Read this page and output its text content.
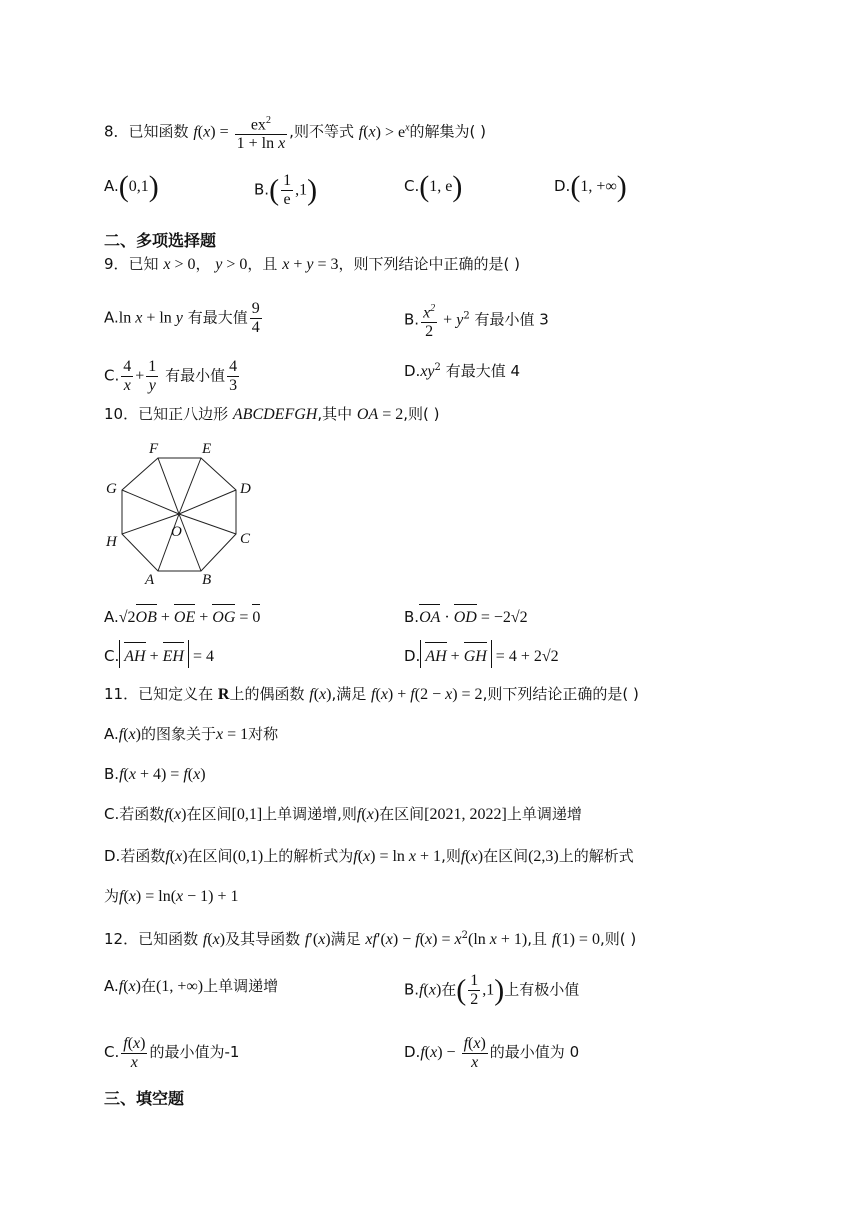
8．已知函数 $f(x) = \frac{ex^2}{\text{1 + ln x}}$ ,则不等式 $f(x) > e^x$的解集为( )
A.(0,1)	$B.( \frac{1}{e} ,1)$	C.(1, e)	D.(1, +∞)
二、多项选择题
9．已知 x > 0， y > 0，且 x + y = 3，则下列结论中正确的是( )
A.ln x + ln y 有最大值 $\frac{9}{4}$	B. $\frac{x^2}{2} + y^2$ 有最小值 3
C. $\frac{4}{x} + \frac{1}{y}$ 有最小值 $\frac{4}{3}$	$D.xy^2$ 有最大值 4
10．已知正八边形 ABCDEFGH,其中 OA = 2,则( )
F	E
G	D
H	C
O
A	B
A.√2OB + OE + OG = 0	B.OA · OD = −2√2
C. AH + EH = 4	D. AH + GH = 4 + 2√2
11．已知定义在 R上的偶函数 f(x),满足 f(x) + f(2 − x) = 2,则下列结论正确的是( )
A.f(x)的图象关于x = 1对称
B.f(x + 4) = f(x)
C.若函数f(x)在区间[0,1]上单调递增,则f(x)在区间[2021, 2022]上单调递增
D.若函数f(x)在区间(0,1)上的解析式为f(x) = ln x + 1,则f(x)在区间(2,3)上的解析式
为f(x) = ln(x − 1) + 1
12．已知函数 f(x)及其导函数 f′(x)满足 $xf'(x) - f(x) = x^2(\ln$ x + 1),且 f(1) = 0,则( )
A.f(x)在(1, +∞)上单调递增	B.f(x)在( $\frac{1}{2} ,1$)上有极小值
C. $\frac{f(x)}{x}$ 的最小值为-1	$D.f(x) - \frac{f(x)}{x}$ 的最小值为 0
三、填空题
